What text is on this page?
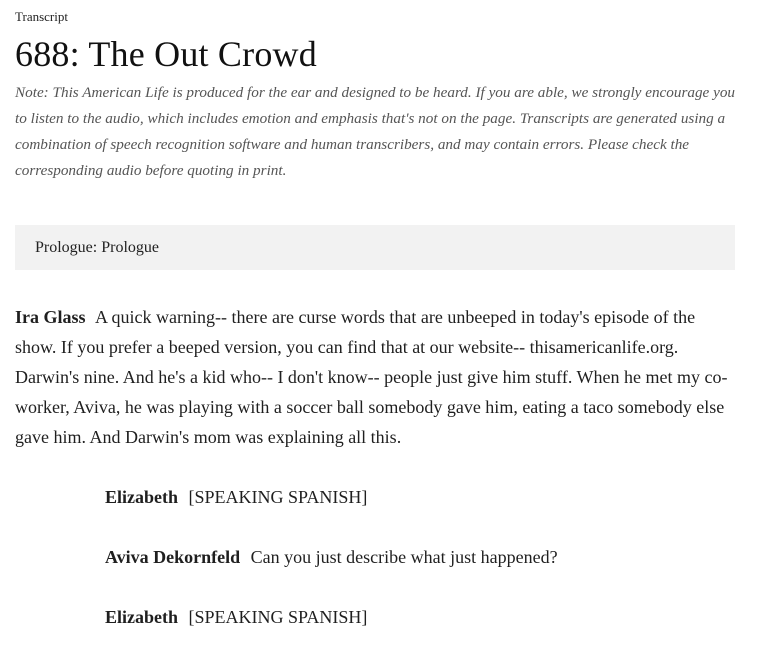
Transcript
688: The Out Crowd
Note: This American Life is produced for the ear and designed to be heard. If you are able, we strongly encourage you to listen to the audio, which includes emotion and emphasis that's not on the page. Transcripts are generated using a combination of speech recognition software and human transcribers, and may contain errors. Please check the corresponding audio before quoting in print.
Prologue : Prologue

Ira Glass A quick warning-- there are curse words that are unbeeped in today's episode of the show. If you prefer a beeped version, you can find that at our website-- thisamericanlife.org. Darwin's nine. And he's a kid who-- I don't know-- people just give him stuff. When he met my co-worker, Aviva, he was playing with a soccer ball somebody gave him, eating a taco somebody else gave him. And Darwin's mom was explaining all this.

Elizabeth [SPEAKING SPANISH]

Aviva Dekornfeld Can you just describe what just happened?

Elizabeth [SPEAKING SPANISH]
